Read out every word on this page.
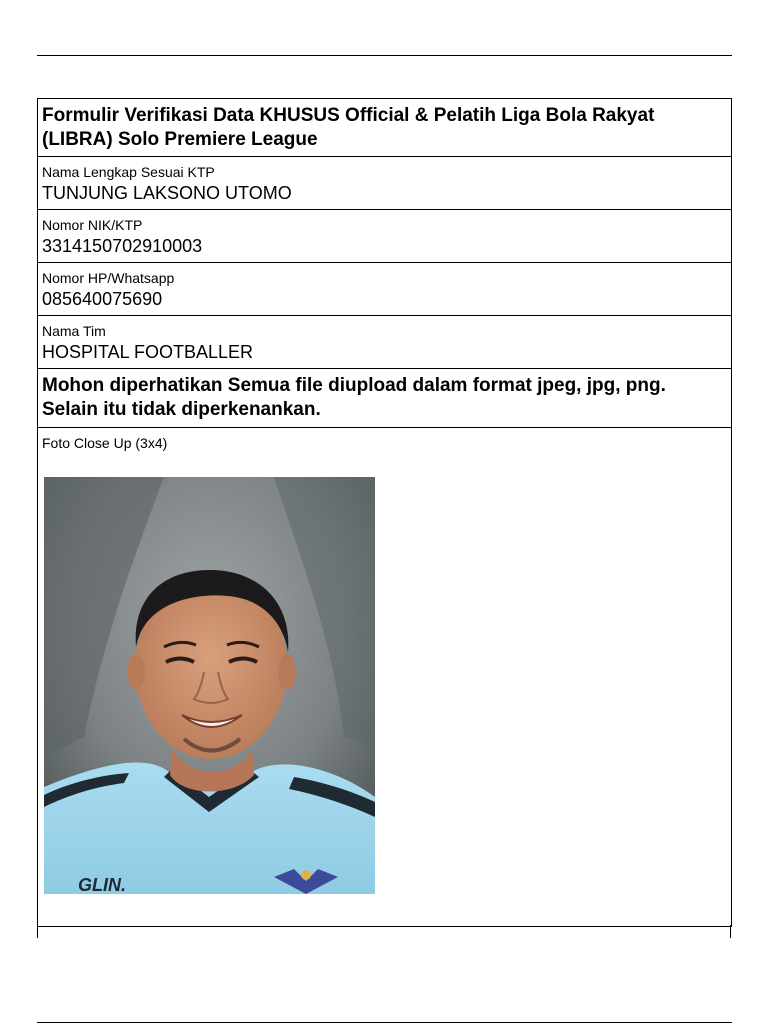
Formulir Verifikasi Data KHUSUS Official & Pelatih Liga Bola Rakyat (LIBRA) Solo Premiere League
Nama Lengkap Sesuai KTP
TUNJUNG LAKSONO UTOMO
Nomor NIK/KTP
3314150702910003
Nomor HP/Whatsapp
085640075690
Nama Tim
HOSPITAL FOOTBALLER
Mohon diperhatikan Semua file diupload dalam format jpeg, jpg, png. Selain itu tidak diperkenankan.
Foto Close Up (3x4)
GLIN.
